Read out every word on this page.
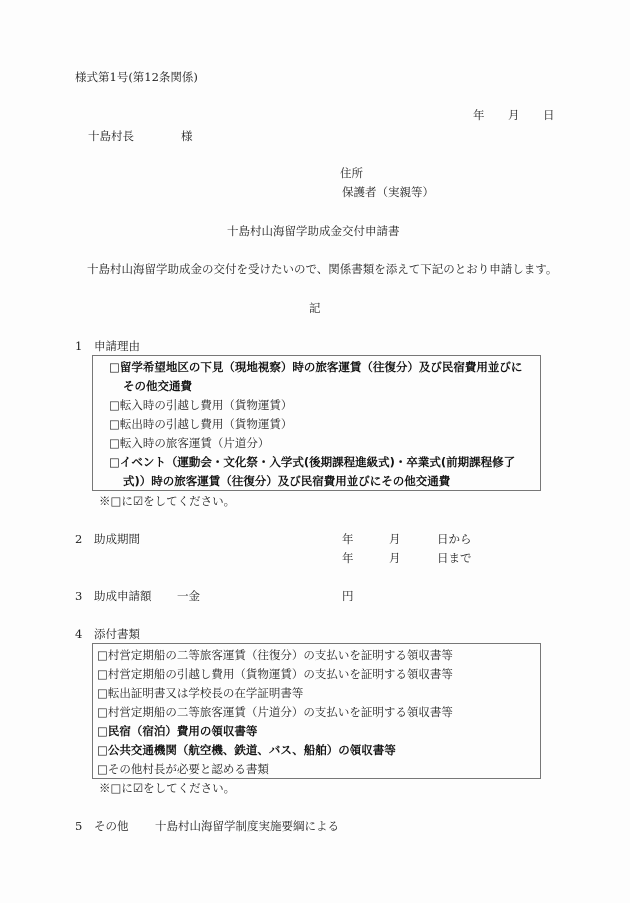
様式第1号(第12条関係)
年 月 日
十島村長	様
住所
保護者（実親等）
十島村山海留学助成金交付申請書
十島村山海留学助成金の交付を受けたいので、関係書類を添えて下記のとおり申請します。
記
1 申請理由
□留学希望地区の下見（現地視察）時の旅客運賃（往復分）及び民宿費用並びに
その他交通費
□転入時の引越し費用（貨物運賃）
□転出時の引越し費用（貨物運賃）
□転入時の旅客運賃（片道分）
□イベント（運動会・文化祭・入学式(後期課程進級式)・卒業式(前期課程修了
式)）時の旅客運賃（往復分）及び民宿費用並びにその他交通費
※□に☑をしてください。
2 助成期間	年	月	日から
年	月	日まで
3 助成申請額 一金	円
4 添付書類
□村営定期船の二等旅客運賃（往復分）の支払いを証明する領収書等
□村営定期船の引越し費用（貨物運賃）の支払いを証明する領収書等
□転出証明書又は学校長の在学証明書等
□村営定期船の二等旅客運賃（片道分）の支払いを証明する領収書等
□民宿（宿泊）費用の領収書等
□公共交通機関（航空機、鉄道、バス、船舶）の領収書等
□その他村長が必要と認める書類
※□に☑をしてください。
5 その他 十島村山海留学制度実施要綱による
